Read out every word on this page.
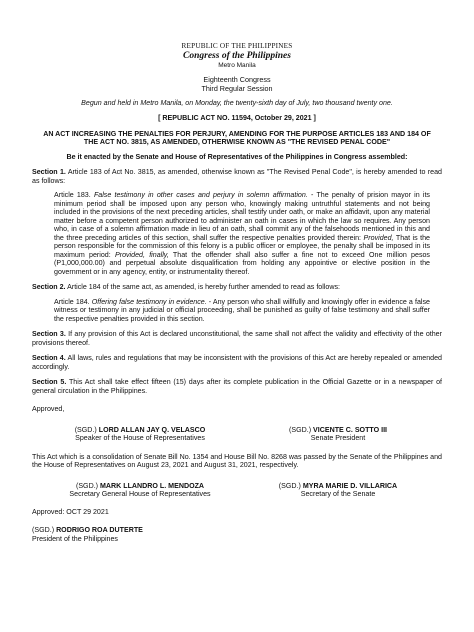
REPUBLIC OF THE PHILIPPINES
Congress of the Philippines
Metro Manila
Eighteenth Congress
Third Regular Session
Begun and held in Metro Manila, on Monday, the twenty-sixth day of July, two thousand twenty one.
[ REPUBLIC ACT NO. 11594, October 29, 2021 ]
AN ACT INCREASING THE PENALTIES FOR PERJURY, AMENDING FOR THE PURPOSE ARTICLES 183 AND 184 OF THE ACT NO. 3815, AS AMENDED, OTHERWISE KNOWN AS "THE REVISED PENAL CODE"
Be it enacted by the Senate and House of Representatives of the Philippines in Congress assembled:
Section 1. Article 183 of Act No. 3815, as amended, otherwise known as "The Revised Penal Code", is hereby amended to read as follows:
Article 183. False testimony in other cases and perjury in solemn affirmation. - The penalty of prision mayor in its minimum period shall be imposed upon any person who, knowingly making untruthful statements and not being included in the provisions of the next preceding articles, shall testify under oath, or make an affidavit, upon any material matter before a competent person authorized to administer an oath in cases in which the law so requires. Any person who, in case of a solemn affirmation made in lieu of an oath, shall commit any of the falsehoods mentioned in this and the three preceding articles of this section, shall suffer the respective penalties provided therein: Provided, That is the person responsible for the commission of this felony is a public officer or employee, the penalty shall be imposed in its maximum period: Provided, finally, That the offender shall also suffer a fine not to exceed One million pesos (P1,000,000.00) and perpetual absolute disqualification from holding any appointive or elective position in the government or in any agency, entity, or instrumentality thereof.
Section 2. Article 184 of the same act, as amended, is hereby further amended to read as follows:
Article 184. Offering false testimony in evidence. - Any person who shall willfully and knowingly offer in evidence a false witness or testimony in any judicial or official proceeding, shall be punished as guilty of false testimony and shall suffer the respective penalties provided in this section.
Section 3. If any provision of this Act is declared unconstitutional, the same shall not affect the validity and effectivity of the other provisions thereof.
Section 4. All laws, rules and regulations that may be inconsistent with the provisions of this Act are hereby repealed or amended accordingly.
Section 5. This Act shall take effect fifteen (15) days after its complete publication in the Official Gazette or in a newspaper of general circulation in the Philippines.
Approved,
(SGD.) LORD ALLAN JAY Q. VELASCO
Speaker of the House of Representatives
(SGD.) VICENTE C. SOTTO III
Senate President
This Act which is a consolidation of Senate Bill No. 1354 and House Bill No. 8268 was passed by the Senate of the Philippines and the House of Representatives on August 23, 2021 and August 31, 2021, respectively.
(SGD.) MARK LLANDRO L. MENDOZA
Secretary General House of Representatives
(SGD.) MYRA MARIE D. VILLARICA
Secretary of the Senate
Approved: OCT 29 2021
(SGD.) RODRIGO ROA DUTERTE
President of the Philippines
